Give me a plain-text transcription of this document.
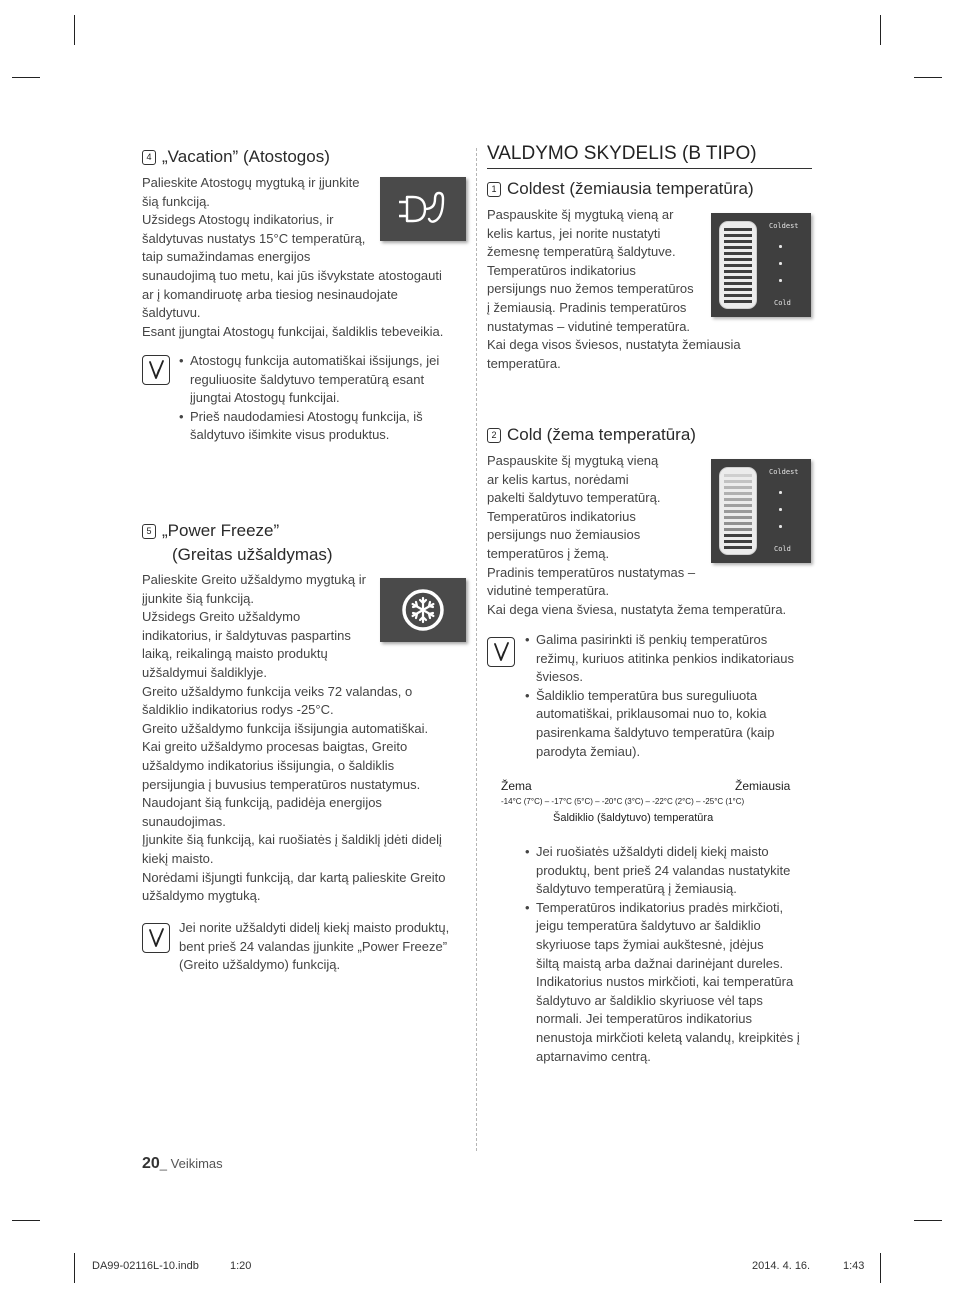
4 „Vacation” (Atostogos)

Palieskite Atostogų mygtuką ir įjunkite

šią funkciją.

Užsidegs Atostogų indikatorius, ir

šaldytuvas nustatys 15°C temperatūrą,

taip sumažindamas energijos

sunaudojimą tuo metu, kai jūs išvykstate atostogauti

ar į komandiruotę arba tiesiog nesinaudojate

šaldytuvu.

Esant įjungtai Atostogų funkcijai, šaldiklis tebeveikia.

• Atostogų funkcija automatiškai išsijungs, jei
reguliuosite šaldytuvo temperatūrą esant
įjungtai Atostogų funkcijai.
• Prieš naudodamiesi Atostogų funkcija, iš
šaldytuvo išimkite visus produktus.
5 „Power Freeze”
(Greitas užšaldymas)

Palieskite Greito užšaldymo mygtuką ir

įjunkite šią funkciją.

Užsidegs Greito užšaldymo

indikatorius, ir šaldytuvas paspartins

laiką, reikalingą maisto produktų

užšaldymui šaldiklyje.

Greito užšaldymo funkcija veiks 72 valandas, o

šaldiklio indikatorius rodys -25°C.

Greito užšaldymo funkcija išsijungia automatiškai.

Kai greito užšaldymo procesas baigtas, Greito

užšaldymo indikatorius išsijungia, o šaldiklis

persijungia į buvusius temperatūros nustatymus.

Naudojant šią funkciją, padidėja energijos

sunaudojimas.

Įjunkite šią funkciją, kai ruošiatės į šaldiklį įdėti didelį

kiekį maisto.

Norėdami išjungti funkciją, dar kartą palieskite Greito

užšaldymo mygtuką.

Jei norite užšaldyti didelį kiekį maisto produktų,

bent prieš 24 valandas įjunkite „Power Freeze”

(Greito užšaldymo) funkciją.

VALDYMO SKYDELIS (B TIPO)
1 Coldest (žemiausia temperatūra)

Paspauskite šį mygtuką vieną ar

kelis kartus, jei norite nustatyti

žemesnę temperatūrą šaldytuve.

Temperatūros indikatorius

persijungs nuo žemos temperatūros

į žemiausią. Pradinis temperatūros

nustatymas – vidutinė temperatūra.

Kai dega visos šviesos, nustatyta žemiausia

temperatūra.

Coldest
Cold
2 Cold (žema temperatūra)

Paspauskite šį mygtuką vieną

ar kelis kartus, norėdami

pakelti šaldytuvo temperatūrą.

Temperatūros indikatorius

persijungs nuo žemiausios

temperatūros į žemą.

Pradinis temperatūros nustatymas –

vidutinė temperatūra.

Kai dega viena šviesa, nustatyta žema temperatūra.

Coldest
Cold
• Galima pasirinkti iš penkių temperatūros
režimų, kuriuos atitinka penkios indikatoriaus
šviesos.
• Šaldiklio temperatūra bus sureguliuota
automatiškai, priklausomai nuo to, kokia
pasirenkama šaldytuvo temperatūra (kaip
parodyta žemiau).
Žema	Žemiausia
-14°C (7°C) – -17°C (5°C) – -20°C (3°C) – -22°C (2°C) – -25°C (1°C)
Šaldiklio (šaldytuvo) temperatūra
• Jei ruošiatės užšaldyti didelį kiekį maisto
produktų, bent prieš 24 valandas nustatykite
šaldytuvo temperatūrą į žemiausią.
• Temperatūros indikatorius pradės mirkčioti,
jeigu temperatūra šaldytuvo ar šaldiklio
skyriuose taps žymiai aukštesnė, įdėjus
šiltą maistą arba dažnai darinėjant dureles.
Indikatorius nustos mirkčioti, kai temperatūra
šaldytuvo ar šaldiklio skyriuose vėl taps
normali. Jei temperatūros indikatorius
nenustoja mirkčioti keletą valandų, kreipkitės į
aptarnavimo centrą.
20_ Veikimas
DA99-02116L-10.indb	1:20	2014. 4. 16.	1:43
